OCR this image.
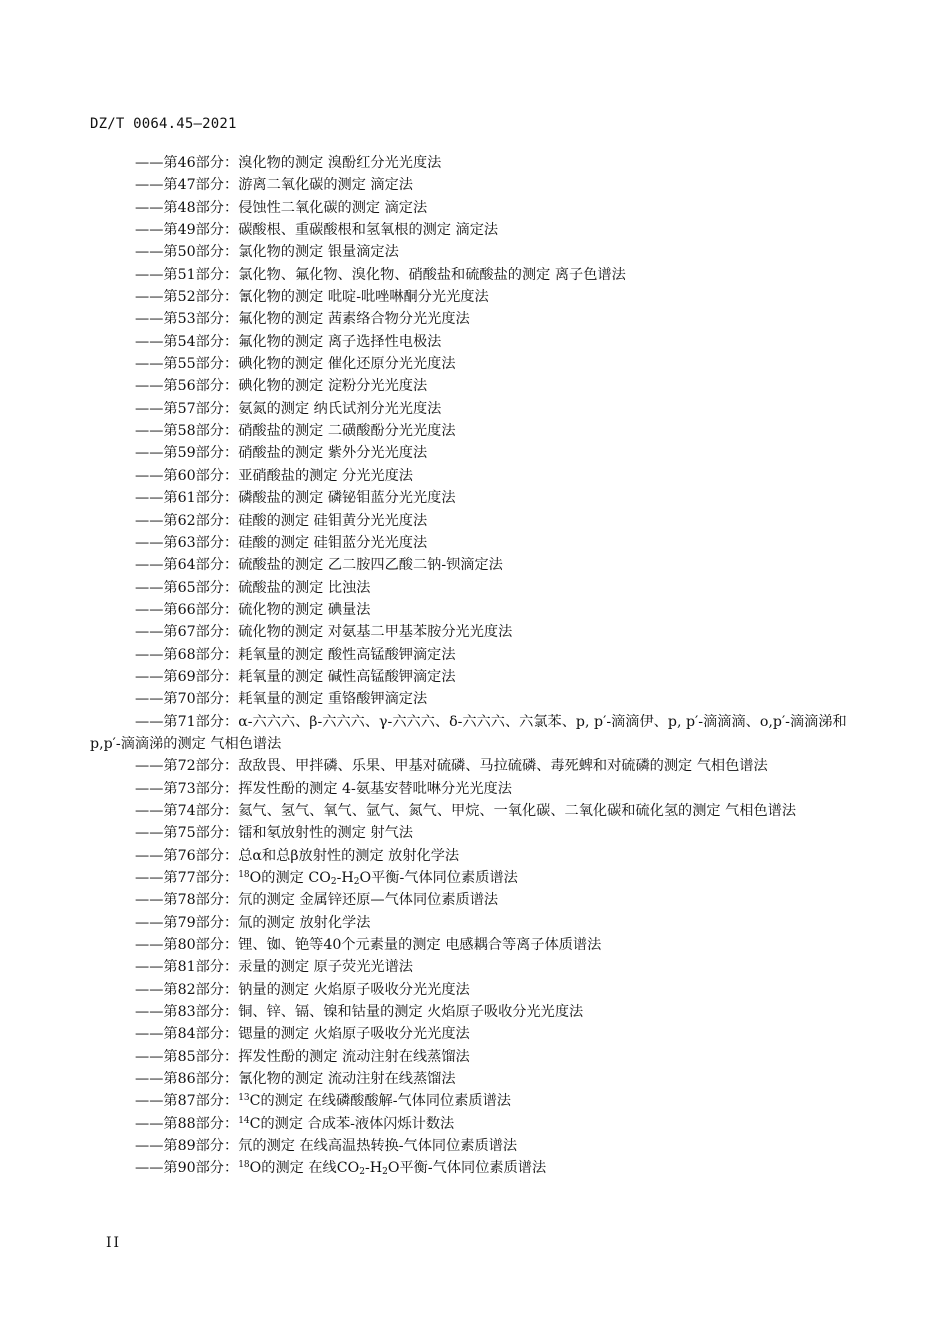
DZ/T 0064.45—2021
——第46部分：溴化物的测定 溴酚红分光光度法
——第47部分：游离二氧化碳的测定 滴定法
——第48部分：侵蚀性二氧化碳的测定 滴定法
——第49部分：碳酸根、重碳酸根和氢氧根的测定 滴定法
——第50部分：氯化物的测定 银量滴定法
——第51部分：氯化物、氟化物、溴化物、硝酸盐和硫酸盐的测定 离子色谱法
——第52部分：氰化物的测定 吡啶-吡唑啉酮分光光度法
——第53部分：氟化物的测定 茜素络合物分光光度法
——第54部分：氟化物的测定 离子选择性电极法
——第55部分：碘化物的测定 催化还原分光光度法
——第56部分：碘化物的测定 淀粉分光光度法
——第57部分：氨氮的测定 纳氏试剂分光光度法
——第58部分：硝酸盐的测定 二磺酸酚分光光度法
——第59部分：硝酸盐的测定 紫外分光光度法
——第60部分：亚硝酸盐的测定 分光光度法
——第61部分：磷酸盐的测定 磷铋钼蓝分光光度法
——第62部分：硅酸的测定 硅钼黄分光光度法
——第63部分：硅酸的测定 硅钼蓝分光光度法
——第64部分：硫酸盐的测定 乙二胺四乙酸二钠-钡滴定法
——第65部分：硫酸盐的测定 比浊法
——第66部分：硫化物的测定 碘量法
——第67部分：硫化物的测定 对氨基二甲基苯胺分光光度法
——第68部分：耗氧量的测定 酸性高锰酸钾滴定法
——第69部分：耗氧量的测定 碱性高锰酸钾滴定法
——第70部分：耗氧量的测定 重铬酸钾滴定法
——第71部分：α-六六六、β-六六六、γ-六六六、δ-六六六、六氯苯、p, p′-滴滴伊、p, p′-滴滴滴、o,p′-滴滴涕和p,p′-滴滴涕的测定 气相色谱法
——第72部分：敌敌畏、甲拌磷、乐果、甲基对硫磷、马拉硫磷、毒死蜱和对硫磷的测定 气相色谱法
——第73部分：挥发性酚的测定 4-氨基安替吡啉分光光度法
——第74部分：氦气、氢气、氧气、氩气、氮气、甲烷、一氧化碳、二氧化碳和硫化氢的测定 气相色谱法
——第75部分：镭和氡放射性的测定 射气法
——第76部分：总α和总β放射性的测定 放射化学法
——第77部分：$^{18}$O的测定 $CO_2-H_2O$平衡-气体同位素质谱法
——第78部分：氘的测定 金属锌还原—气体同位素质谱法
——第79部分：氚的测定 放射化学法
——第80部分：锂、铷、铯等40个元素量的测定 电感耦合等离子体质谱法
——第81部分：汞量的测定 原子荧光光谱法
——第82部分：钠量的测定 火焰原子吸收分光光度法
——第83部分：铜、锌、镉、镍和钴量的测定 火焰原子吸收分光光度法
——第84部分：锶量的测定 火焰原子吸收分光光度法
——第85部分：挥发性酚的测定 流动注射在线蒸馏法
——第86部分：氰化物的测定 流动注射在线蒸馏法
——第87部分：$^{13}$C的测定 在线磷酸酸解-气体同位素质谱法
——第88部分：$^{14}$C的测定 合成苯-液体闪烁计数法
——第89部分：氘的测定 在线高温热转换-气体同位素质谱法
——第90部分：$^{18}$O的测定 在线$CO_2-H_2O$平衡-气体同位素质谱法
II
